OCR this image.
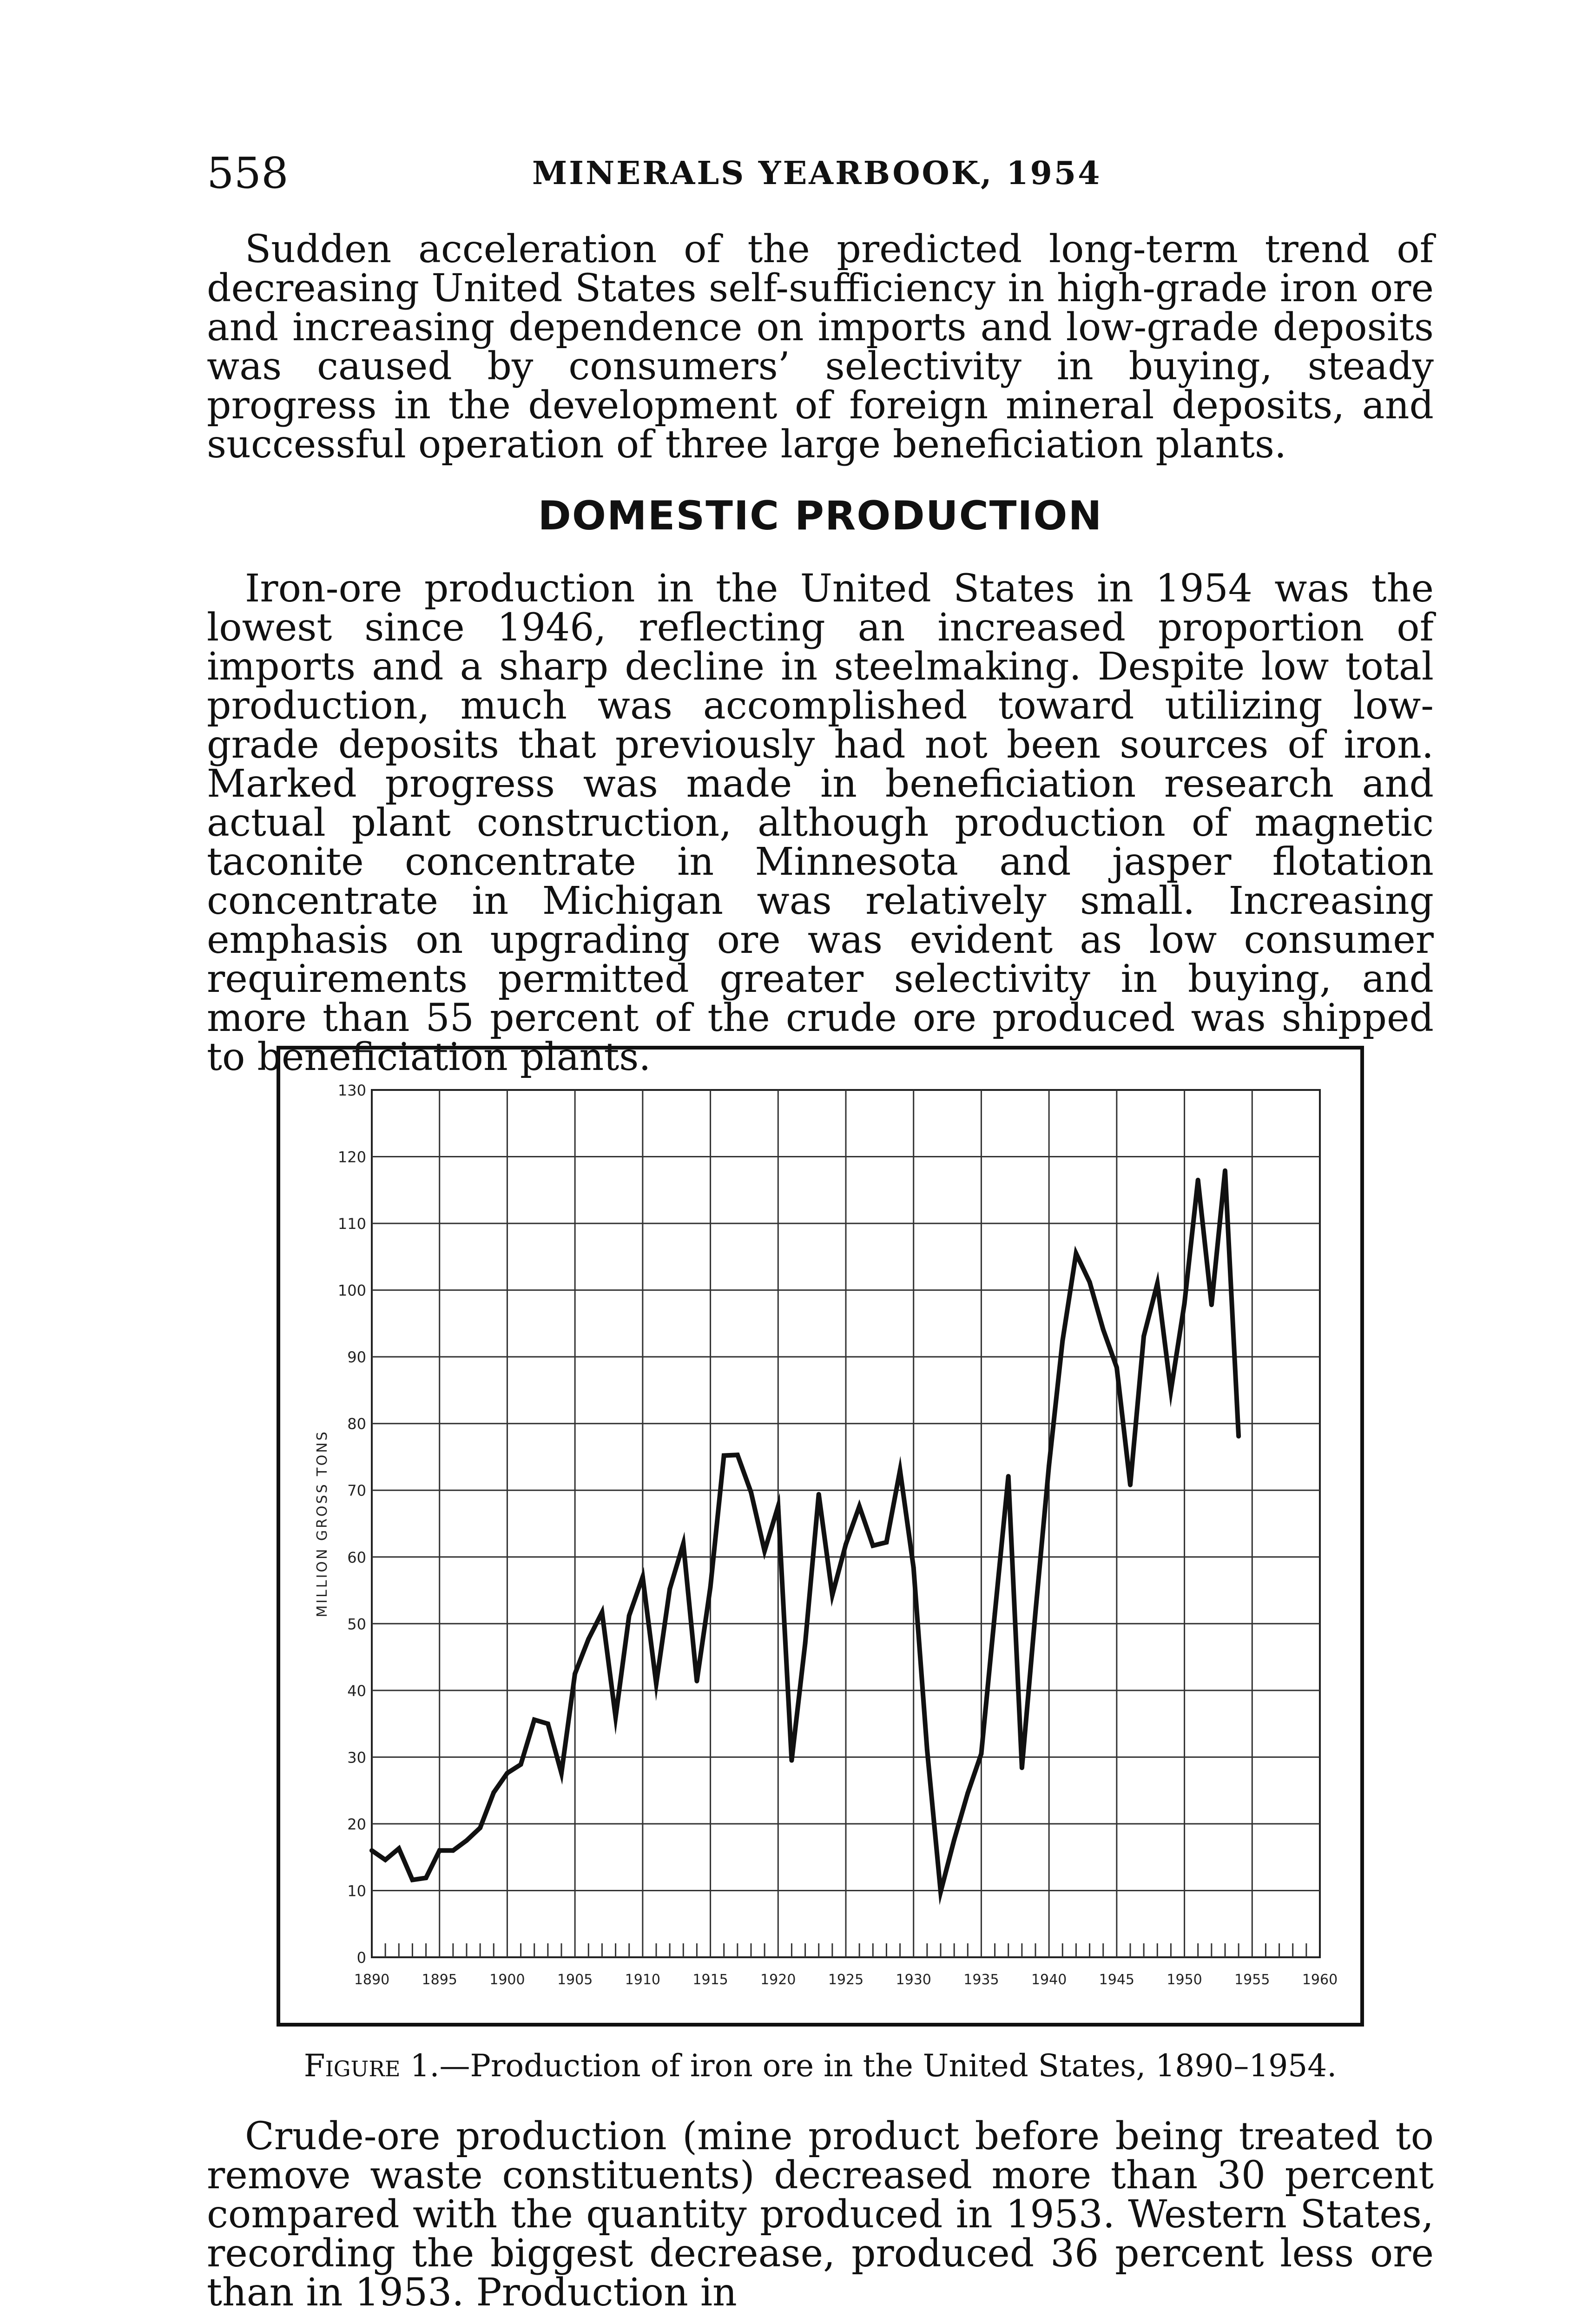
558	MINERALS YEARBOOK, 1954

Sudden acceleration of the predicted long-term trend of decreasing United States self-sufficiency in high-grade iron ore and increasing dependence on imports and low-grade deposits was caused by consumers’ selectivity in buying, steady progress in the development of foreign mineral deposits, and successful operation of three large beneficiation plants.

DOMESTIC PRODUCTION

Iron-ore production in the United States in 1954 was the lowest since 1946, reflecting an increased proportion of imports and a sharp decline in steelmaking. Despite low total production, much was accomplished toward utilizing low-grade deposits that previously had not been sources of iron. Marked progress was made in beneficiation research and actual plant construction, although production of magnetic taconite concentrate in Minnesota and jasper flotation concentrate in Michigan was relatively small. Increasing emphasis on upgrading ore was evident as low consumer requirements permitted greater selectivity in buying, and more than 55 percent of the crude ore produced was shipped to beneficiation plants.

0
10
20
30
40
50
60
70
80
90
100
110
120
130
1890 1895 1900 1905 1910 1915 1920 1925 1930 1935 1940 1945 1950 1955 1960
MILLION GROSS TONS

Figure 1.—Production of iron ore in the United States, 1890–1954.

Crude-ore production (mine product before being treated to remove waste constituents) decreased more than 30 percent compared with the quantity produced in 1953. Western States, recording the biggest decrease, produced 36 percent less ore than in 1953. Production in
